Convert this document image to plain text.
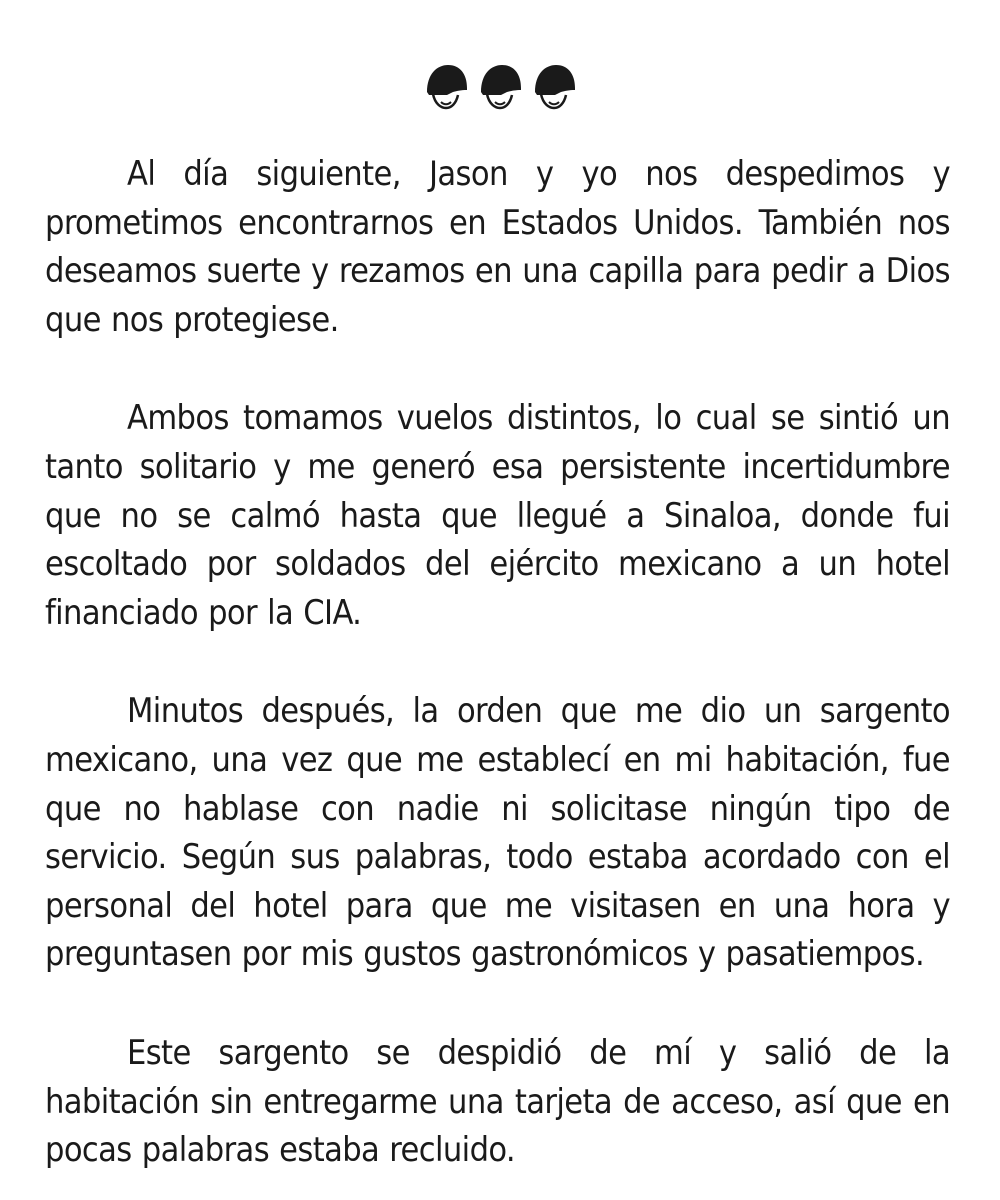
Al día siguiente, Jason y yo nos despedimos y prometimos encontrarnos en Estados Unidos. También nos deseamos suerte y rezamos en una capilla para pedir a Dios que nos protegiese.

Ambos tomamos vuelos distintos, lo cual se sintió un tanto solitario y me generó esa persistente incertidumbre que no se calmó hasta que llegué a Sinaloa, donde fui escoltado por soldados del ejército mexicano a un hotel financiado por la CIA.

Minutos después, la orden que me dio un sargento mexicano, una vez que me establecí en mi habitación, fue que no hablase con nadie ni solicitase ningún tipo de servicio. Según sus palabras, todo estaba acordado con el personal del hotel para que me visitasen en una hora y preguntasen por mis gustos gastronómicos y pasatiempos.

Este sargento se despidió de mí y salió de la habitación sin entregarme una tarjeta de acceso, así que en pocas palabras estaba recluido.
